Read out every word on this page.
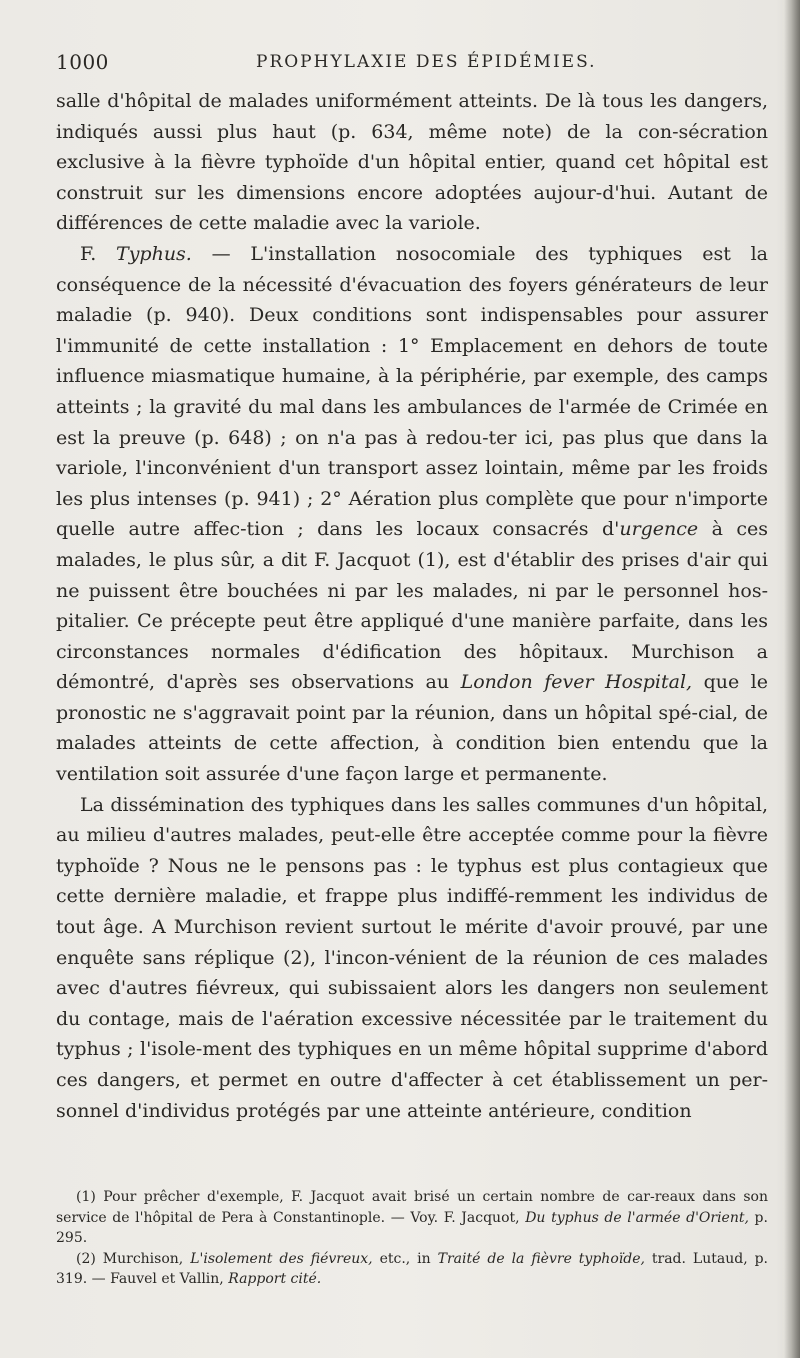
1000	PROPHYLAXIE DES ÉPIDÉMIES.

salle d'hôpital de malades uniformément atteints. De là tous les dangers, indiqués aussi plus haut (p. 634, même note) de la con-sécration exclusive à la fièvre typhoïde d'un hôpital entier, quand cet hôpital est construit sur les dimensions encore adoptées aujour-d'hui. Autant de différences de cette maladie avec la variole.

F. Typhus. — L'installation nosocomiale des typhiques est la conséquence de la nécessité d'évacuation des foyers générateurs de leur maladie (p. 940). Deux conditions sont indispensables pour assurer l'immunité de cette installation : 1° Emplacement en dehors de toute influence miasmatique humaine, à la périphérie, par exemple, des camps atteints ; la gravité du mal dans les ambulances de l'armée de Crimée en est la preuve (p. 648) ; on n'a pas à redou-ter ici, pas plus que dans la variole, l'inconvénient d'un transport assez lointain, même par les froids les plus intenses (p. 941) ; 2° Aération plus complète que pour n'importe quelle autre affec-tion ; dans les locaux consacrés d'urgence à ces malades, le plus sûr, a dit F. Jacquot (1), est d'établir des prises d'air qui ne puissent être bouchées ni par les malades, ni par le personnel hos-pitalier. Ce précepte peut être appliqué d'une manière parfaite, dans les circonstances normales d'édification des hôpitaux. Murchison a démontré, d'après ses observations au London fever Hospital, que le pronostic ne s'aggravait point par la réunion, dans un hôpital spé-cial, de malades atteints de cette affection, à condition bien entendu que la ventilation soit assurée d'une façon large et permanente.

La dissémination des typhiques dans les salles communes d'un hôpital, au milieu d'autres malades, peut-elle être acceptée comme pour la fièvre typhoïde ? Nous ne le pensons pas : le typhus est plus contagieux que cette dernière maladie, et frappe plus indiffé-remment les individus de tout âge. A Murchison revient surtout le mérite d'avoir prouvé, par une enquête sans réplique (2), l'incon-vénient de la réunion de ces malades avec d'autres fiévreux, qui subissaient alors les dangers non seulement du contage, mais de l'aération excessive nécessitée par le traitement du typhus ; l'isole-ment des typhiques en un même hôpital supprime d'abord ces dangers, et permet en outre d'affecter à cet établissement un per-sonnel d'individus protégés par une atteinte antérieure, condition

(1) Pour prêcher d'exemple, F. Jacquot avait brisé un certain nombre de car-reaux dans son service de l'hôpital de Pera à Constantinople. — Voy. F. Jacquot, Du typhus de l'armée d'Orient, p. 295.

(2) Murchison, L'isolement des fiévreux, etc., in Traité de la fièvre typhoïde, trad. Lutaud, p. 319. — Fauvel et Vallin, Rapport cité.
